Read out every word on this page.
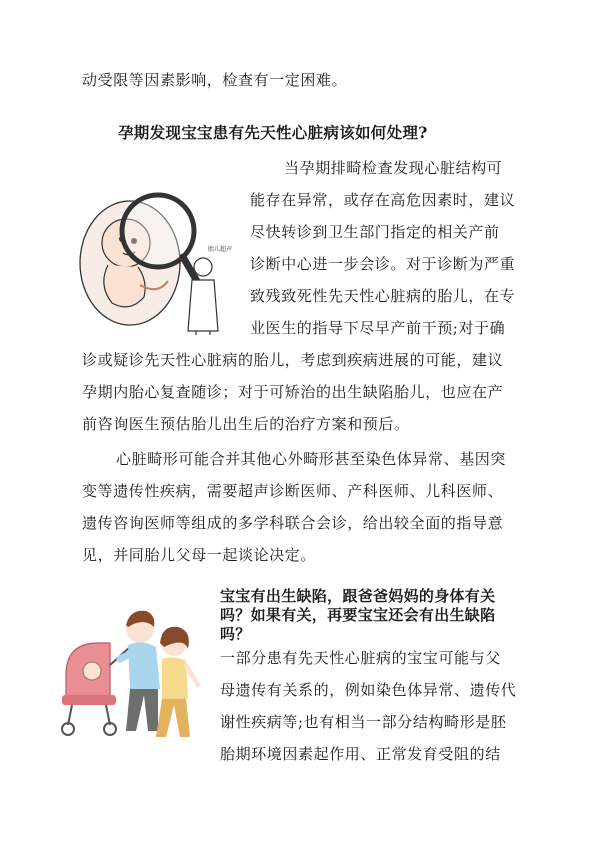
动受限等因素影响，检查有一定困难。
孕期发现宝宝患有先天性心脏病该如何处理?
胎儿超声
当孕期排畸检查发现心脏结构可
能存在异常，或存在高危因素时，建议
尽快转诊到卫生部门指定的相关产前
诊断中心进一步会诊。对于诊断为严重
致残致死性先天性心脏病的胎儿，在专
业医生的指导下尽早产前干预;对于确
诊或疑诊先天性心脏病的胎儿，考虑到疾病进展的可能，建议
孕期内胎心复查随诊；对于可矫治的出生缺陷胎儿，也应在产
前咨询医生预估胎儿出生后的治疗方案和预后。
心脏畸形可能合并其他心外畸形甚至染色体异常、基因突
变等遗传性疾病，需要超声诊断医师、产科医师、儿科医师、
遗传咨询医师等组成的多学科联合会诊，给出较全面的指导意
见，并同胎儿父母一起谈论决定。
宝宝有出生缺陷，跟爸爸妈妈的身体有关
吗？如果有关，再要宝宝还会有出生缺陷
吗？
一部分患有先天性心脏病的宝宝可能与父
母遗传有关系的，例如染色体异常、遗传代
谢性疾病等;也有相当一部分结构畸形是胚
胎期环境因素起作用、正常发育受阻的结
